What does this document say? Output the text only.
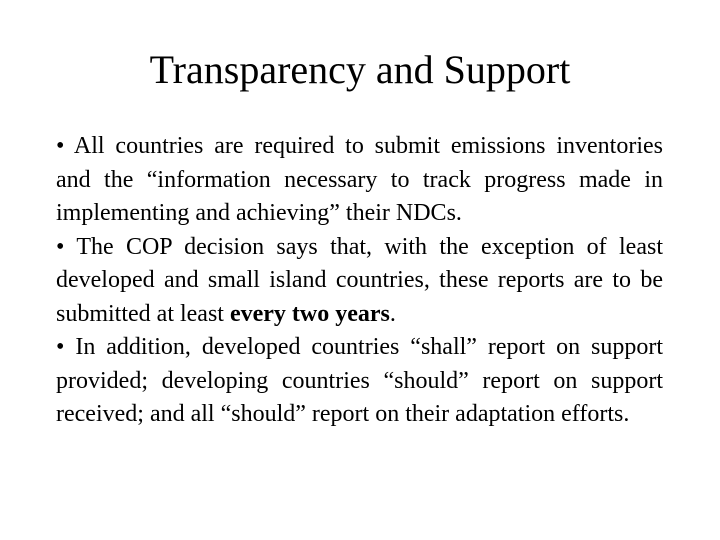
Transparency and Support

• All countries are required to submit emissions inventories and the “information necessary to track progress made in implementing and achieving” their NDCs.

• The COP decision says that, with the exception of least developed and small island countries, these reports are to be submitted at least every two years.

• In addition, developed countries “shall” report on support provided; developing countries “should” report on support received; and all “should” report on their adaptation efforts.
